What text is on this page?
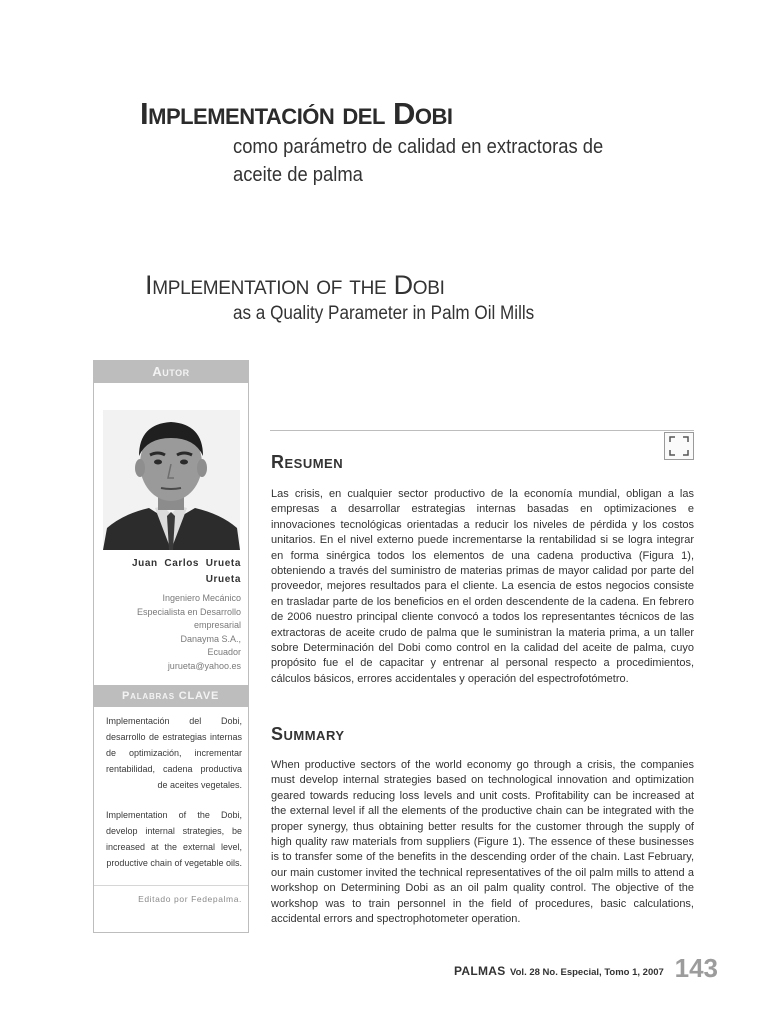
Implementación del Dobi
como parámetro de calidad en extractoras de aceite de palma
Implementation of the Dobi
as a Quality Parameter in Palm Oil Mills
Autor
Juan Carlos Urueta Urueta
Ingeniero Mecánico
Especialista en Desarrollo
empresarial
Danayma S.A.,
Ecuador
jurueta@yahoo.es
Palabras CLAVE

Implementación del Dobi, desarrollo de estrategias internas de optimización, incrementar rentabilidad, cadena productiva de aceites vegetales.

Implementation of the Dobi, develop internal strategies, be increased at the external level, productive chain of vegetable oils.

Editado por Fedepalma.
Resumen

Las crisis, en cualquier sector productivo de la economía mundial, obligan a las empresas a desarrollar estrategias internas basadas en optimizaciones e innovaciones tecnológicas orientadas a reducir los niveles de pérdida y los costos unitarios. En el nivel externo puede incrementarse la rentabilidad si se logra integrar en forma sinérgica todos los elementos de una cadena productiva (Figura 1), obteniendo a través del suministro de materias primas de mayor calidad por parte del proveedor, mejores resultados para el cliente. La esencia de estos negocios consiste en trasladar parte de los beneficios en el orden descendente de la cadena. En febrero de 2006 nuestro principal cliente convocó a todos los representantes técnicos de las extractoras de aceite crudo de palma que le suministran la materia prima, a un taller sobre Determinación del Dobi como control en la calidad del aceite de palma, cuyo propósito fue el de capacitar y entrenar al personal respecto a procedimientos, cálculos básicos, errores accidentales y operación del espectrofotómetro.

Summary

When productive sectors of the world economy go through a crisis, the companies must develop internal strategies based on technological innovation and optimization geared towards reducing loss levels and unit costs. Profitability can be increased at the external level if all the elements of the productive chain can be integrated with the proper synergy, thus obtaining better results for the customer through the supply of high quality raw materials from suppliers (Figure 1). The essence of these businesses is to transfer some of the benefits in the descending order of the chain. Last February, our main customer invited the technical representatives of the oil palm mills to attend a workshop on Determining Dobi as an oil palm quality control. The objective of the workshop was to train personnel in the field of procedures, basic calculations, accidental errors and spectrophotometer operation.

PALMAS Vol. 28 No. Especial, Tomo 1, 2007 143
